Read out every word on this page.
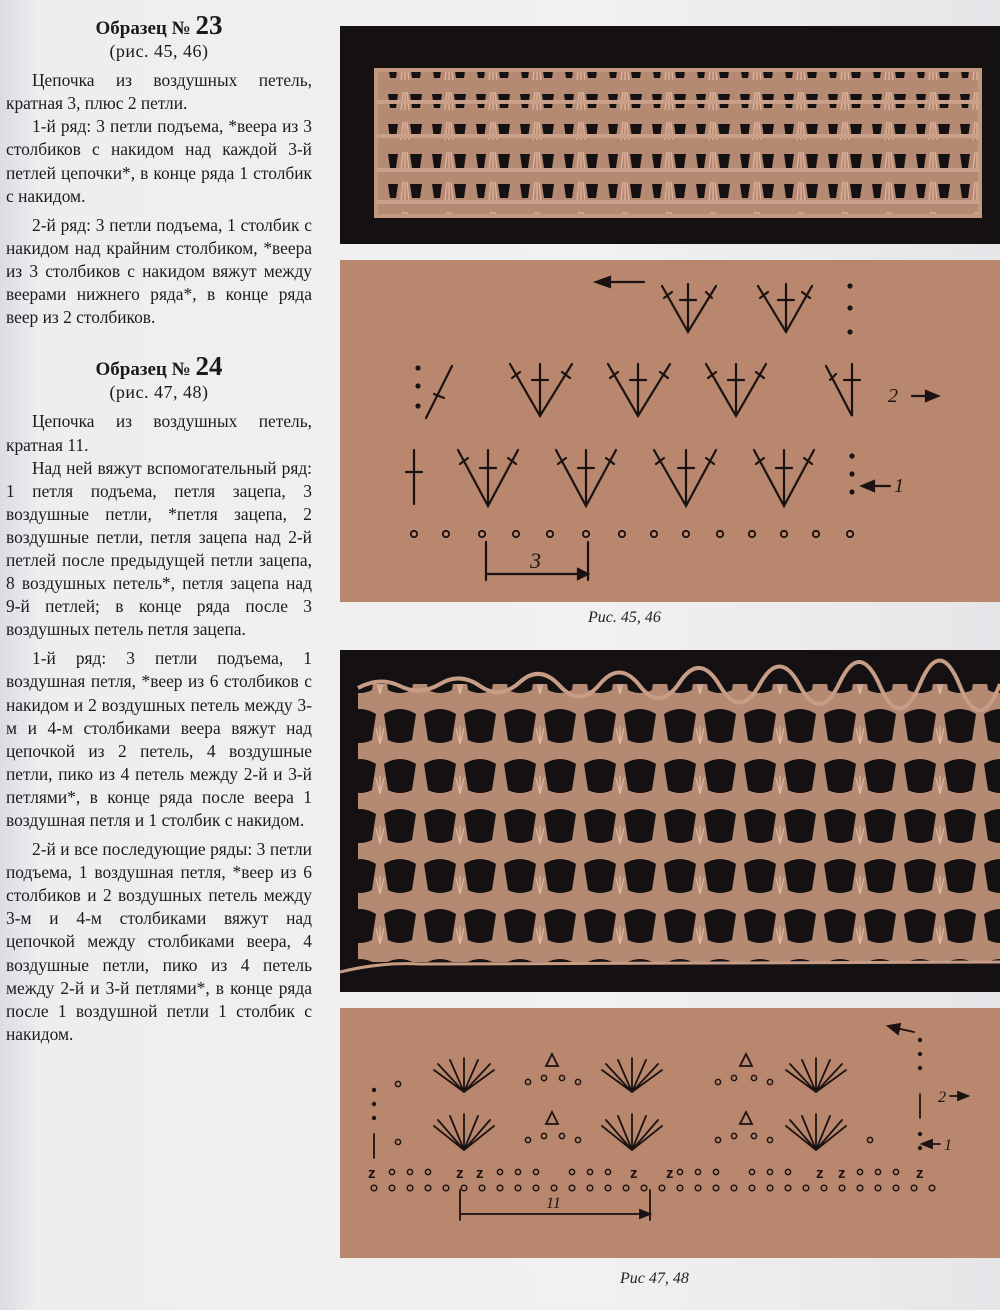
Образец № 23

(рис. 45, 46)

Цепочка из воздушных петель, кратная 3, плюс 2 петли.

1-й ряд: 3 петли подъема, *веера из 3 столбиков с накидом над каждой 3-й петлей цепочки*, в конце ряда 1 столбик с накидом.

2-й ряд: 3 петли подъема, 1 столбик с накидом над крайним столбиком, *веера из 3 столбиков с накидом вяжут между веерами нижнего ряда*, в конце ряда веер из 2 столбиков.

Образец № 24

(рис. 47, 48)

Цепочка из воздушных петель, кратная 11.

Над ней вяжут вспомогательный ряд: 1 петля подъема, петля зацепа, 3 воздушные петли, *петля зацепа, 2 воздушные петли, петля зацепа над 2-й петлей после предыдущей петли зацепа, 8 воздушных петель*, петля зацепа над 9-й петлей; в конце ряда после 3 воздушных петель петля зацепа.

1-й ряд: 3 петли подъема, 1 воздушная петля, *веер из 6 столбиков с накидом и 2 воздушных петель между 3-м и 4-м столбиками веера вяжут над цепочкой из 2 петель, 4 воздушные петли, пико из 4 петель между 2-й и 3-й петлями*, в конце ряда после веера 1 воздушная петля и 1 столбик с накидом.

2-й и все последующие ряды: 3 петли подъема, 1 воздушная петля, *веер из 6 столбиков и 2 воздушных петель между 3-м и 4-м столбиками вяжут над цепочкой между столбиками веера, 4 воздушные петли, пико из 4 петель между 2-й и 3-й петлями*, в конце ряда после 1 воздушной петли 1 столбик с накидом.

2
1
3
Рис. 45, 46
z	z z	z z	z z	z
2
1
11
Рис 47, 48
